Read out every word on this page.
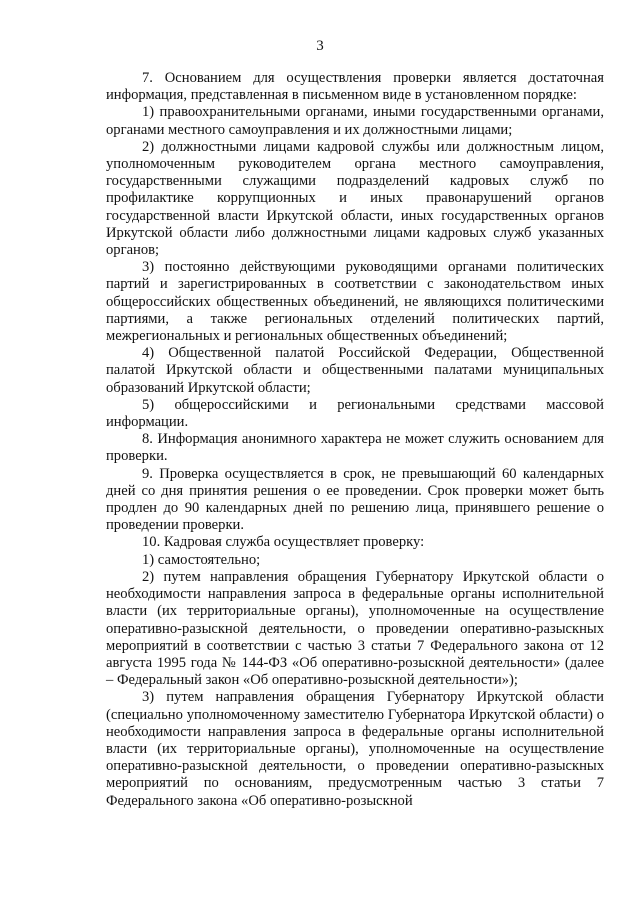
3

7. Основанием для осуществления проверки является достаточная информация, представленная в письменном виде в установленном порядке:

1) правоохранительными органами, иными государственными органами, органами местного самоуправления и их должностными лицами;

2) должностными лицами кадровой службы или должностным лицом, уполномоченным руководителем органа местного самоуправления, государственными служащими подразделений кадровых служб по профилактике коррупционных и иных правонарушений органов государственной власти Иркутской области, иных государственных органов Иркутской области либо должностными лицами кадровых служб указанных органов;

3) постоянно действующими руководящими органами политических партий и зарегистрированных в соответствии с законодательством иных общероссийских общественных объединений, не являющихся политическими партиями, а также региональных отделений политических партий, межрегиональных и региональных общественных объединений;

4) Общественной палатой Российской Федерации, Общественной палатой Иркутской области и общественными палатами муниципальных образований Иркутской области;

5) общероссийскими и региональными средствами массовой информации.

8. Информация анонимного характера не может служить основанием для проверки.

9. Проверка осуществляется в срок, не превышающий 60 календарных дней со дня принятия решения о ее проведении. Срок проверки может быть продлен до 90 календарных дней по решению лица, принявшего решение о проведении проверки.

10. Кадровая служба осуществляет проверку:

1) самостоятельно;

2) путем направления обращения Губернатору Иркутской области о необходимости направления запроса в федеральные органы исполнительной власти (их территориальные органы), уполномоченные на осуществление оперативно-разыскной деятельности, о проведении оперативно-разыскных мероприятий в соответствии с частью 3 статьи 7 Федерального закона от 12 августа 1995 года № 144-ФЗ «Об оперативно-розыскной деятельности» (далее – Федеральный закон «Об оперативно-розыскной деятельности»);

3) путем направления обращения Губернатору Иркутской области (специально уполномоченному заместителю Губернатора Иркутской области) о необходимости направления запроса в федеральные органы исполнительной власти (их территориальные органы), уполномоченные на осуществление оперативно-разыскной деятельности, о проведении оперативно-разыскных мероприятий по основаниям, предусмотренным частью 3 статьи 7 Федерального закона «Об оперативно-розыскной
